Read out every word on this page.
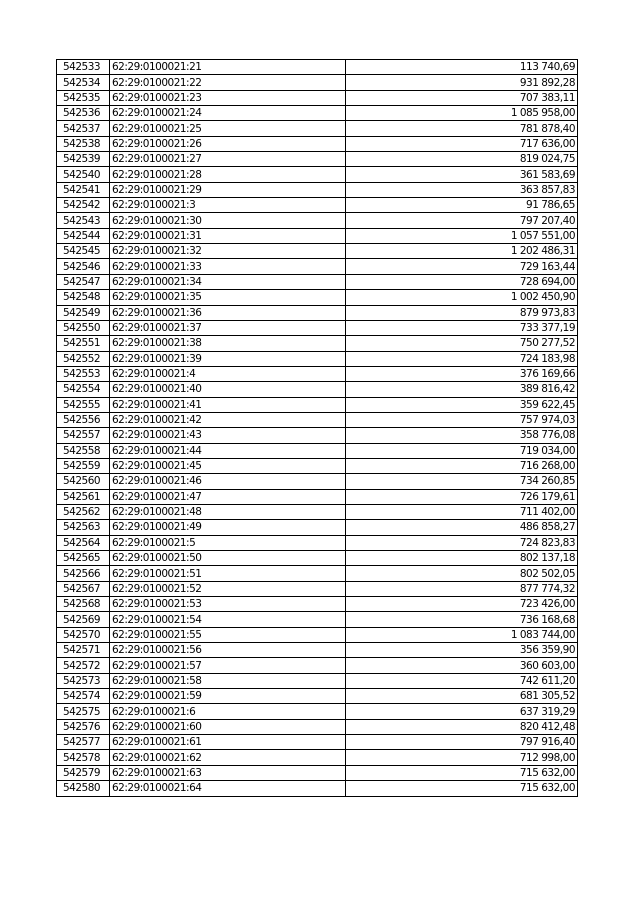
542533	62:29:0100021:21	113 740,69
542534	62:29:0100021:22	931 892,28
542535	62:29:0100021:23	707 383,11
542536	62:29:0100021:24	1 085 958,00
542537	62:29:0100021:25	781 878,40
542538	62:29:0100021:26	717 636,00
542539	62:29:0100021:27	819 024,75
542540	62:29:0100021:28	361 583,69
542541	62:29:0100021:29	363 857,83
542542	62:29:0100021:3	91 786,65
542543	62:29:0100021:30	797 207,40
542544	62:29:0100021:31	1 057 551,00
542545	62:29:0100021:32	1 202 486,31
542546	62:29:0100021:33	729 163,44
542547	62:29:0100021:34	728 694,00
542548	62:29:0100021:35	1 002 450,90
542549	62:29:0100021:36	879 973,83
542550	62:29:0100021:37	733 377,19
542551	62:29:0100021:38	750 277,52
542552	62:29:0100021:39	724 183,98
542553	62:29:0100021:4	376 169,66
542554	62:29:0100021:40	389 816,42
542555	62:29:0100021:41	359 622,45
542556	62:29:0100021:42	757 974,03
542557	62:29:0100021:43	358 776,08
542558	62:29:0100021:44	719 034,00
542559	62:29:0100021:45	716 268,00
542560	62:29:0100021:46	734 260,85
542561	62:29:0100021:47	726 179,61
542562	62:29:0100021:48	711 402,00
542563	62:29:0100021:49	486 858,27
542564	62:29:0100021:5	724 823,83
542565	62:29:0100021:50	802 137,18
542566	62:29:0100021:51	802 502,05
542567	62:29:0100021:52	877 774,32
542568	62:29:0100021:53	723 426,00
542569	62:29:0100021:54	736 168,68
542570	62:29:0100021:55	1 083 744,00
542571	62:29:0100021:56	356 359,90
542572	62:29:0100021:57	360 603,00
542573	62:29:0100021:58	742 611,20
542574	62:29:0100021:59	681 305,52
542575	62:29:0100021:6	637 319,29
542576	62:29:0100021:60	820 412,48
542577	62:29:0100021:61	797 916,40
542578	62:29:0100021:62	712 998,00
542579	62:29:0100021:63	715 632,00
542580	62:29:0100021:64	715 632,00
